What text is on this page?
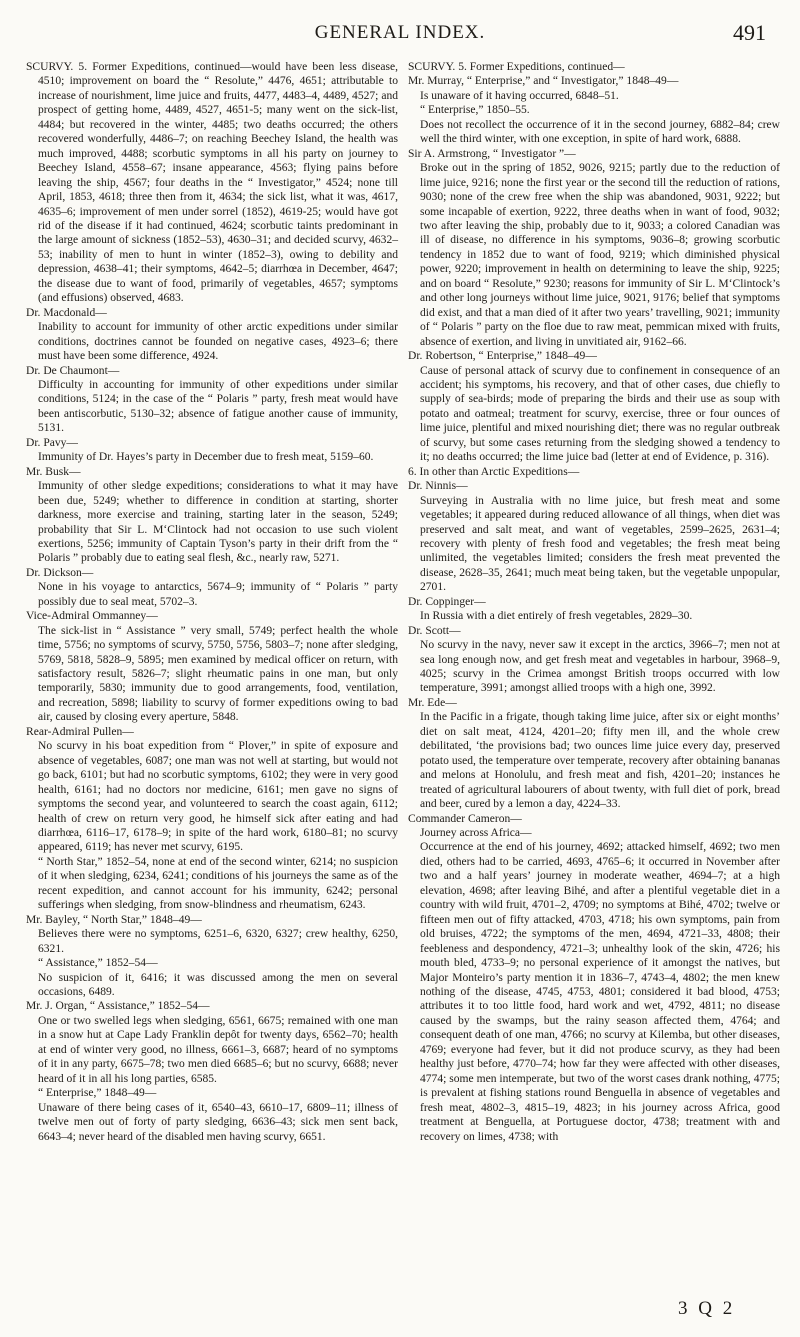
GENERAL INDEX.	491

SCURVY. 5. Former Expeditions, continued—would have been less disease, 4510; improvement on board the “ Resolute,” 4476, 4651; attributable to increase of nourishment, lime juice and fruits, 4477, 4483–4, 4489, 4527; and prospect of getting home, 4489, 4527, 4651-5; many went on the sick-list, 4484; but recovered in the winter, 4485; two deaths occurred; the others recovered wonderfully, 4486–7; on reaching Beechey Island, the health was much improved, 4488; scorbutic symptoms in all his party on journey to Beechey Island, 4558–67; insane appearance, 4563; flying pains before leaving the ship, 4567; four deaths in the “ Investigator,” 4524; none till April, 1853, 4618; three then from it, 4634; the sick list, what it was, 4617, 4635–6; improvement of men under sorrel (1852), 4619-25; would have got rid of the disease if it had continued, 4624; scorbutic taints predominant in the large amount of sickness (1852–53), 4630–31; and decided scurvy, 4632–53; inability of men to hunt in winter (1852–3), owing to debility and depression, 4638–41; their symptoms, 4642–5; diarrhœa in December, 4647; the disease due to want of food, primarily of vegetables, 4657; symptoms (and effusions) observed, 4683.

Dr. Macdonald—

Inability to account for immunity of other arctic expeditions under similar conditions, doctrines cannot be founded on negative cases, 4923–6; there must have been some difference, 4924.

Dr. De Chaumont—

Difficulty in accounting for immunity of other expeditions under similar conditions, 5124; in the case of the “ Polaris ” party, fresh meat would have been antiscorbutic, 5130–32; absence of fatigue another cause of immunity, 5131.

Dr. Pavy—

Immunity of Dr. Hayes’s party in December due to fresh meat, 5159–60.

Mr. Busk—

Immunity of other sledge expeditions; considerations to what it may have been due, 5249; whether to difference in condition at starting, shorter darkness, more exercise and training, starting later in the season, 5249; probability that Sir L. M‘Clintock had not occasion to use such violent exertions, 5256; immunity of Captain Tyson’s party in their drift from the “ Polaris ” probably due to eating seal flesh, &c., nearly raw, 5271.

Dr. Dickson—

None in his voyage to antarctics, 5674–9; immunity of “ Polaris ” party possibly due to seal meat, 5702–3.

Vice-Admiral Ommanney—

The sick-list in “ Assistance ” very small, 5749; perfect health the whole time, 5756; no symptoms of scurvy, 5750, 5756, 5803–7; none after sledging, 5769, 5818, 5828–9, 5895; men examined by medical officer on return, with satisfactory result, 5826–7; slight rheumatic pains in one man, but only temporarily, 5830; immunity due to good arrangements, food, ventilation, and recreation, 5898; liability to scurvy of former expeditions owing to bad air, caused by closing every aperture, 5848.

Rear-Admiral Pullen—

No scurvy in his boat expedition from “ Plover,” in spite of exposure and absence of vegetables, 6087; one man was not well at starting, but would not go back, 6101; but had no scorbutic symptoms, 6102; they were in very good health, 6161; had no doctors nor medicine, 6161; men gave no signs of symptoms the second year, and volunteered to search the coast again, 6112; health of crew on return very good, he himself sick after eating and had diarrhœa, 6116–17, 6178–9; in spite of the hard work, 6180–81; no scurvy appeared, 6119; has never met scurvy, 6195.

“ North Star,” 1852–54, none at end of the second winter, 6214; no suspicion of it when sledging, 6234, 6241; conditions of his journeys the same as of the recent expedition, and cannot account for his immunity, 6242; personal sufferings when sledging, from snow-blindness and rheumatism, 6243.

Mr. Bayley, “ North Star,” 1848–49—

Believes there were no symptoms, 6251–6, 6320, 6327; crew healthy, 6250, 6321.

“ Assistance,” 1852–54—

No suspicion of it, 6416; it was discussed among the men on several occasions, 6489.

Mr. J. Organ, “ Assistance,” 1852–54—

One or two swelled legs when sledging, 6561, 6675; remained with one man in a snow hut at Cape Lady Franklin depôt for twenty days, 6562–70; health at end of winter very good, no illness, 6661–3, 6687; heard of no symptoms of it in any party, 6675–78; two men died 6685–6; but no scurvy, 6688; never heard of it in all his long parties, 6585.

“ Enterprise,” 1848–49—

Unaware of there being cases of it, 6540–43, 6610–17, 6809–11; illness of twelve men out of forty of party sledging, 6636–43; sick men sent back, 6643–4; never heard of the disabled men having scurvy, 6651.

SCURVY. 5. Former Expeditions, continued—

Mr. Murray, “ Enterprise,” and “ Investigator,” 1848–49—

Is unaware of it having occurred, 6848–51.

“ Enterprise,” 1850–55.

Does not recollect the occurrence of it in the second journey, 6882–84; crew well the third winter, with one exception, in spite of hard work, 6888.

Sir A. Armstrong, “ Investigator ”—

Broke out in the spring of 1852, 9026, 9215; partly due to the reduction of lime juice, 9216; none the first year or the second till the reduction of rations, 9030; none of the crew free when the ship was abandoned, 9031, 9222; but some incapable of exertion, 9222, three deaths when in want of food, 9032; two after leaving the ship, probably due to it, 9033; a colored Canadian was ill of disease, no difference in his symptoms, 9036–8; growing scorbutic tendency in 1852 due to want of food, 9219; which diminished physical power, 9220; improvement in health on determining to leave the ship, 9225; and on board “ Resolute,” 9230; reasons for immunity of Sir L. M‘Clintock’s and other long journeys without lime juice, 9021, 9176; belief that symptoms did exist, and that a man died of it after two years’ travelling, 9021; immunity of “ Polaris ” party on the floe due to raw meat, pemmican mixed with fruits, absence of exertion, and living in unvitiated air, 9162–66.

Dr. Robertson, “ Enterprise,” 1848–49—

Cause of personal attack of scurvy due to confinement in consequence of an accident; his symptoms, his recovery, and that of other cases, due chiefly to supply of sea-birds; mode of preparing the birds and their use as soup with potato and oatmeal; treatment for scurvy, exercise, three or four ounces of lime juice, plentiful and mixed nourishing diet; there was no regular outbreak of scurvy, but some cases returning from the sledging showed a tendency to it; no deaths occurred; the lime juice bad (letter at end of Evidence, p. 316).

6. In other than Arctic Expeditions—

Dr. Ninnis—

Surveying in Australia with no lime juice, but fresh meat and some vegetables; it appeared during reduced allowance of all things, when diet was preserved and salt meat, and want of vegetables, 2599–2625, 2631–4; recovery with plenty of fresh food and vegetables; the fresh meat being unlimited, the vegetables limited; considers the fresh meat prevented the disease, 2628–35, 2641; much meat being taken, but the vegetable unpopular, 2701.

Dr. Coppinger—

In Russia with a diet entirely of fresh vegetables, 2829–30.

Dr. Scott—

No scurvy in the navy, never saw it except in the arctics, 3966–7; men not at sea long enough now, and get fresh meat and vegetables in harbour, 3968–9, 4025; scurvy in the Crimea amongst British troops occurred with low temperature, 3991; amongst allied troops with a high one, 3992.

Mr. Ede—

In the Pacific in a frigate, though taking lime juice, after six or eight months’ diet on salt meat, 4124, 4201–20; fifty men ill, and the whole crew debilitated, ‘the provisions bad; two ounces lime juice every day, preserved potato used, the temperature over temperate, recovery after obtaining bananas and melons at Honolulu, and fresh meat and fish, 4201–20; instances he treated of agricultural labourers of about twenty, with full diet of pork, bread and beer, cured by a lemon a day, 4224–33.

Commander Cameron—

Journey across Africa—

Occurrence at the end of his journey, 4692; attacked himself, 4692; two men died, others had to be carried, 4693, 4765–6; it occurred in November after two and a half years’ journey in moderate weather, 4694–7; at a high elevation, 4698; after leaving Bihé, and after a plentiful vegetable diet in a country with wild fruit, 4701–2, 4709; no symptoms at Bihé, 4702; twelve or fifteen men out of fifty attacked, 4703, 4718; his own symptoms, pain from old bruises, 4722; the symptoms of the men, 4694, 4721–33, 4808; their feebleness and despondency, 4721–3; unhealthy look of the skin, 4726; his mouth bled, 4733–9; no personal experience of it amongst the natives, but Major Monteiro’s party mention it in 1836–7, 4743–4, 4802; the men knew nothing of the disease, 4745, 4753, 4801; considered it bad blood, 4753; attributes it to too little food, hard work and wet, 4792, 4811; no disease caused by the swamps, but the rainy season affected them, 4764; and consequent death of one man, 4766; no scurvy at Kilemba, but other diseases, 4769; everyone had fever, but it did not produce scurvy, as they had been healthy just before, 4770–74; how far they were affected with other diseases, 4774; some men intemperate, but two of the worst cases drank nothing, 4775; is prevalent at fishing stations round Benguella in absence of vegetables and fresh meat, 4802–3, 4815–19, 4823; in his journey across Africa, good treatment at Benguella, at Portuguese doctor, 4738; treatment with and recovery on limes, 4738; with

3 Q 2
